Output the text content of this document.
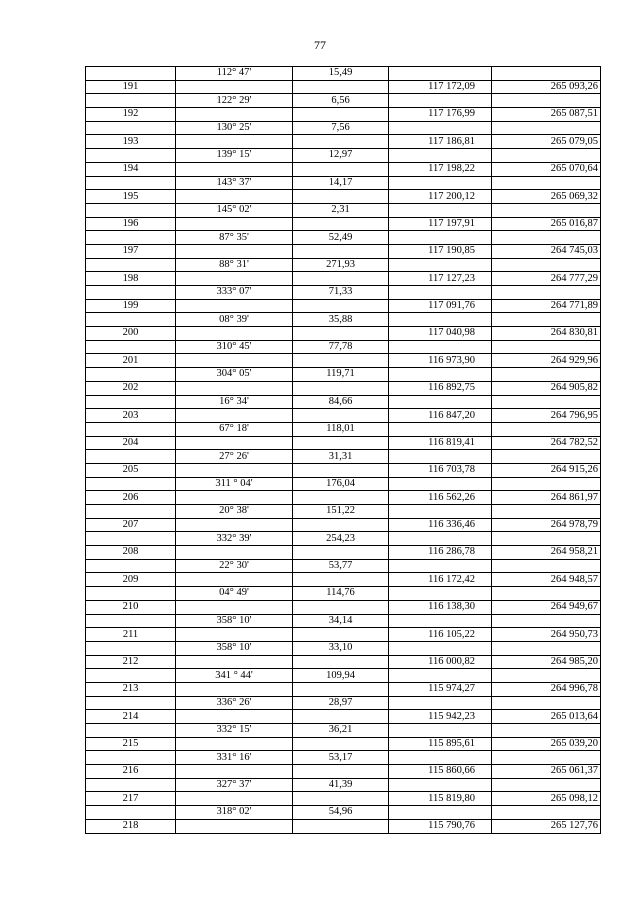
77
	112° 47'	15,49		
191			117 172,09	265 093,26
	122° 29'	6,56		
192			117 176,99	265 087,51
	130° 25'	7,56		
193			117 186,81	265 079,05
	139° 15'	12,97		
194			117 198,22	265 070,64
	143° 37'	14,17		
195			117 200,12	265 069,32
	145° 02'	2,31		
196			117 197,91	265 016,87
	87° 35'	52,49		
197			117 190,85	264 745,03
	88° 31'	271,93		
198			117 127,23	264 777,29
	333° 07'	71,33		
199			117 091,76	264 771,89
	08° 39'	35,88		
200			117 040,98	264 830,81
	310° 45'	77,78		
201			116 973,90	264 929,96
	304° 05'	119,71		
202			116 892,75	264 905,82
	16° 34'	84,66		
203			116 847,20	264 796,95
	67° 18'	118,01		
204			116 819,41	264 782,52
	27° 26'	31,31		
205			116 703,78	264 915,26
	311 ° 04'	176,04		
206			116 562,26	264 861,97
	20° 38'	151,22		
207			116 336,46	264 978,79
	332° 39'	254,23		
208			116 286,78	264 958,21
	22° 30'	53,77		
209			116 172,42	264 948,57
	04° 49'	114,76		
210			116 138,30	264 949,67
	358° 10'	34,14		
211			116 105,22	264 950,73
	358° 10'	33,10		
212			116 000,82	264 985,20
	341 ° 44'	109,94		
213			115 974,27	264 996,78
	336° 26'	28,97		
214			115 942,23	265 013,64
	332° 15'	36,21		
215			115 895,61	265 039,20
	331° 16'	53,17		
216			115 860,66	265 061,37
	327° 37'	41,39		
217			115 819,80	265 098,12
	318° 02'	54,96		
218			115 790,76	265 127,76
